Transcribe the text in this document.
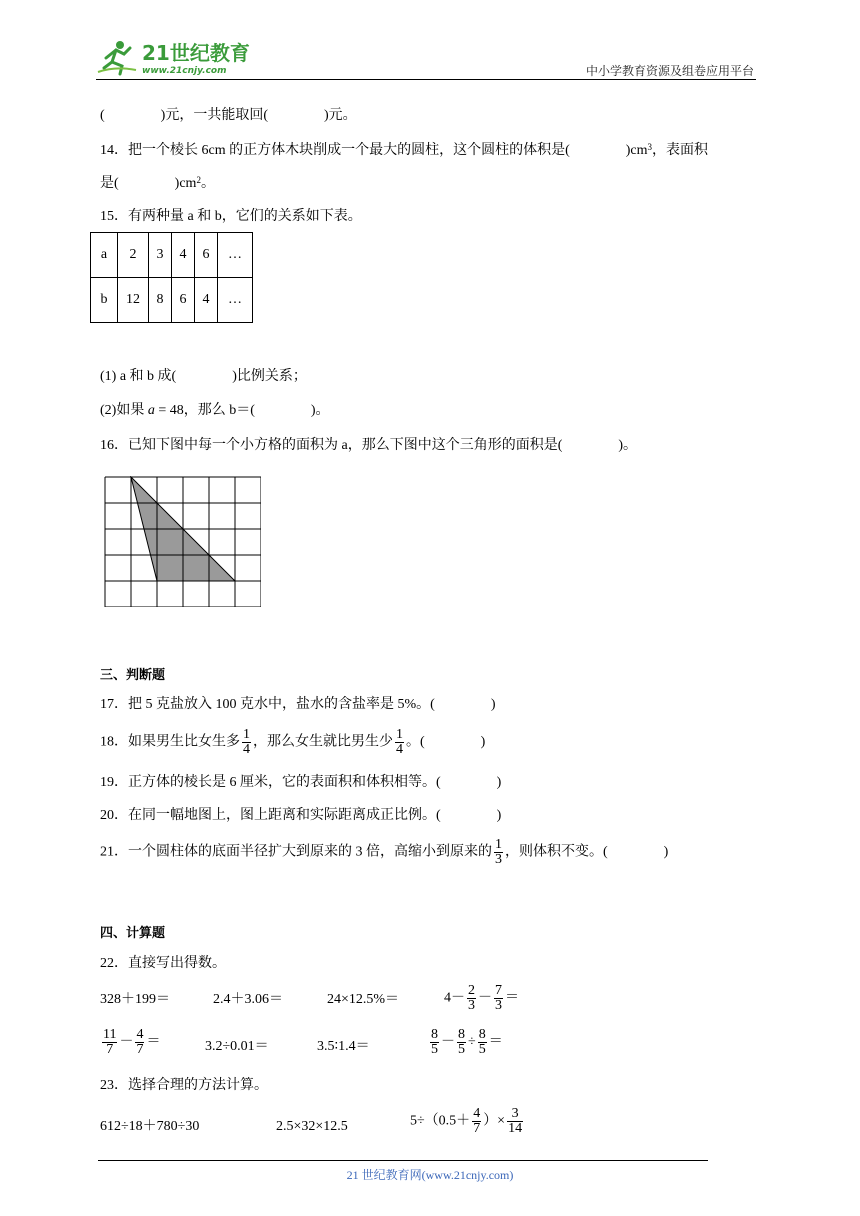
21世纪教育
www.21cnjy.com	中小学教育资源及组卷应用平台
(　　　　)元，一共能取回(　　　　)元。
14．把一个棱长 6cm 的正方体木块削成一个最大的圆柱，这个圆柱的体积是(　　　　)$cm^3$，表面积
是(　　　　)$cm^2$。
15．有两种量 a 和 b，它们的关系如下表。
a	2	3	4	6	…
b	12	8	6	4	…
(1) a 和 b 成(　　　　)比例关系；
(2)如果 a = 48，那么 b＝(　　　　)。
16．已知下图中每一个小方格的面积为 a，那么下图中这个三角形的面积是(　　　　)。
三、判断题
17．把 5 克盐放入 100 克水中，盐水的含盐率是 5%。(　　　　)
18．如果男生比女生多 $\frac{1}{4}$ ，那么女生就比男生少 $\frac{1}{4}$ 。(　　　　)
19．正方体的棱长是 6 厘米，它的表面积和体积相等。(　　　　)
20．在同一幅地图上，图上距离和实际距离成正比例。(　　　　)
21．一个圆柱体的底面半径扩大到原来的 3 倍，高缩小到原来的 $\frac{1}{3}$ ，则体积不变。(　　　　)
四、计算题
22．直接写出得数。
328＋199＝	2.4＋3.06＝	24×12.5%＝	$4- \frac{2}{3} - \frac{7}{3}$ ＝
$\frac{11}{7} - \frac{4}{7}$ ＝	3.2÷0.01＝	3.5∶1.4＝	$\frac{8}{5} - \frac{8}{5} \div \frac{8}{5}$ ＝
23．选择合理的方法计算。
612÷18＋780÷30	2.5×32×12.5	$5\div(0.5+ \frac{4}{7}$ ）× $\frac{3}{14}$
21 世纪教育网(www.21cnjy.com)
